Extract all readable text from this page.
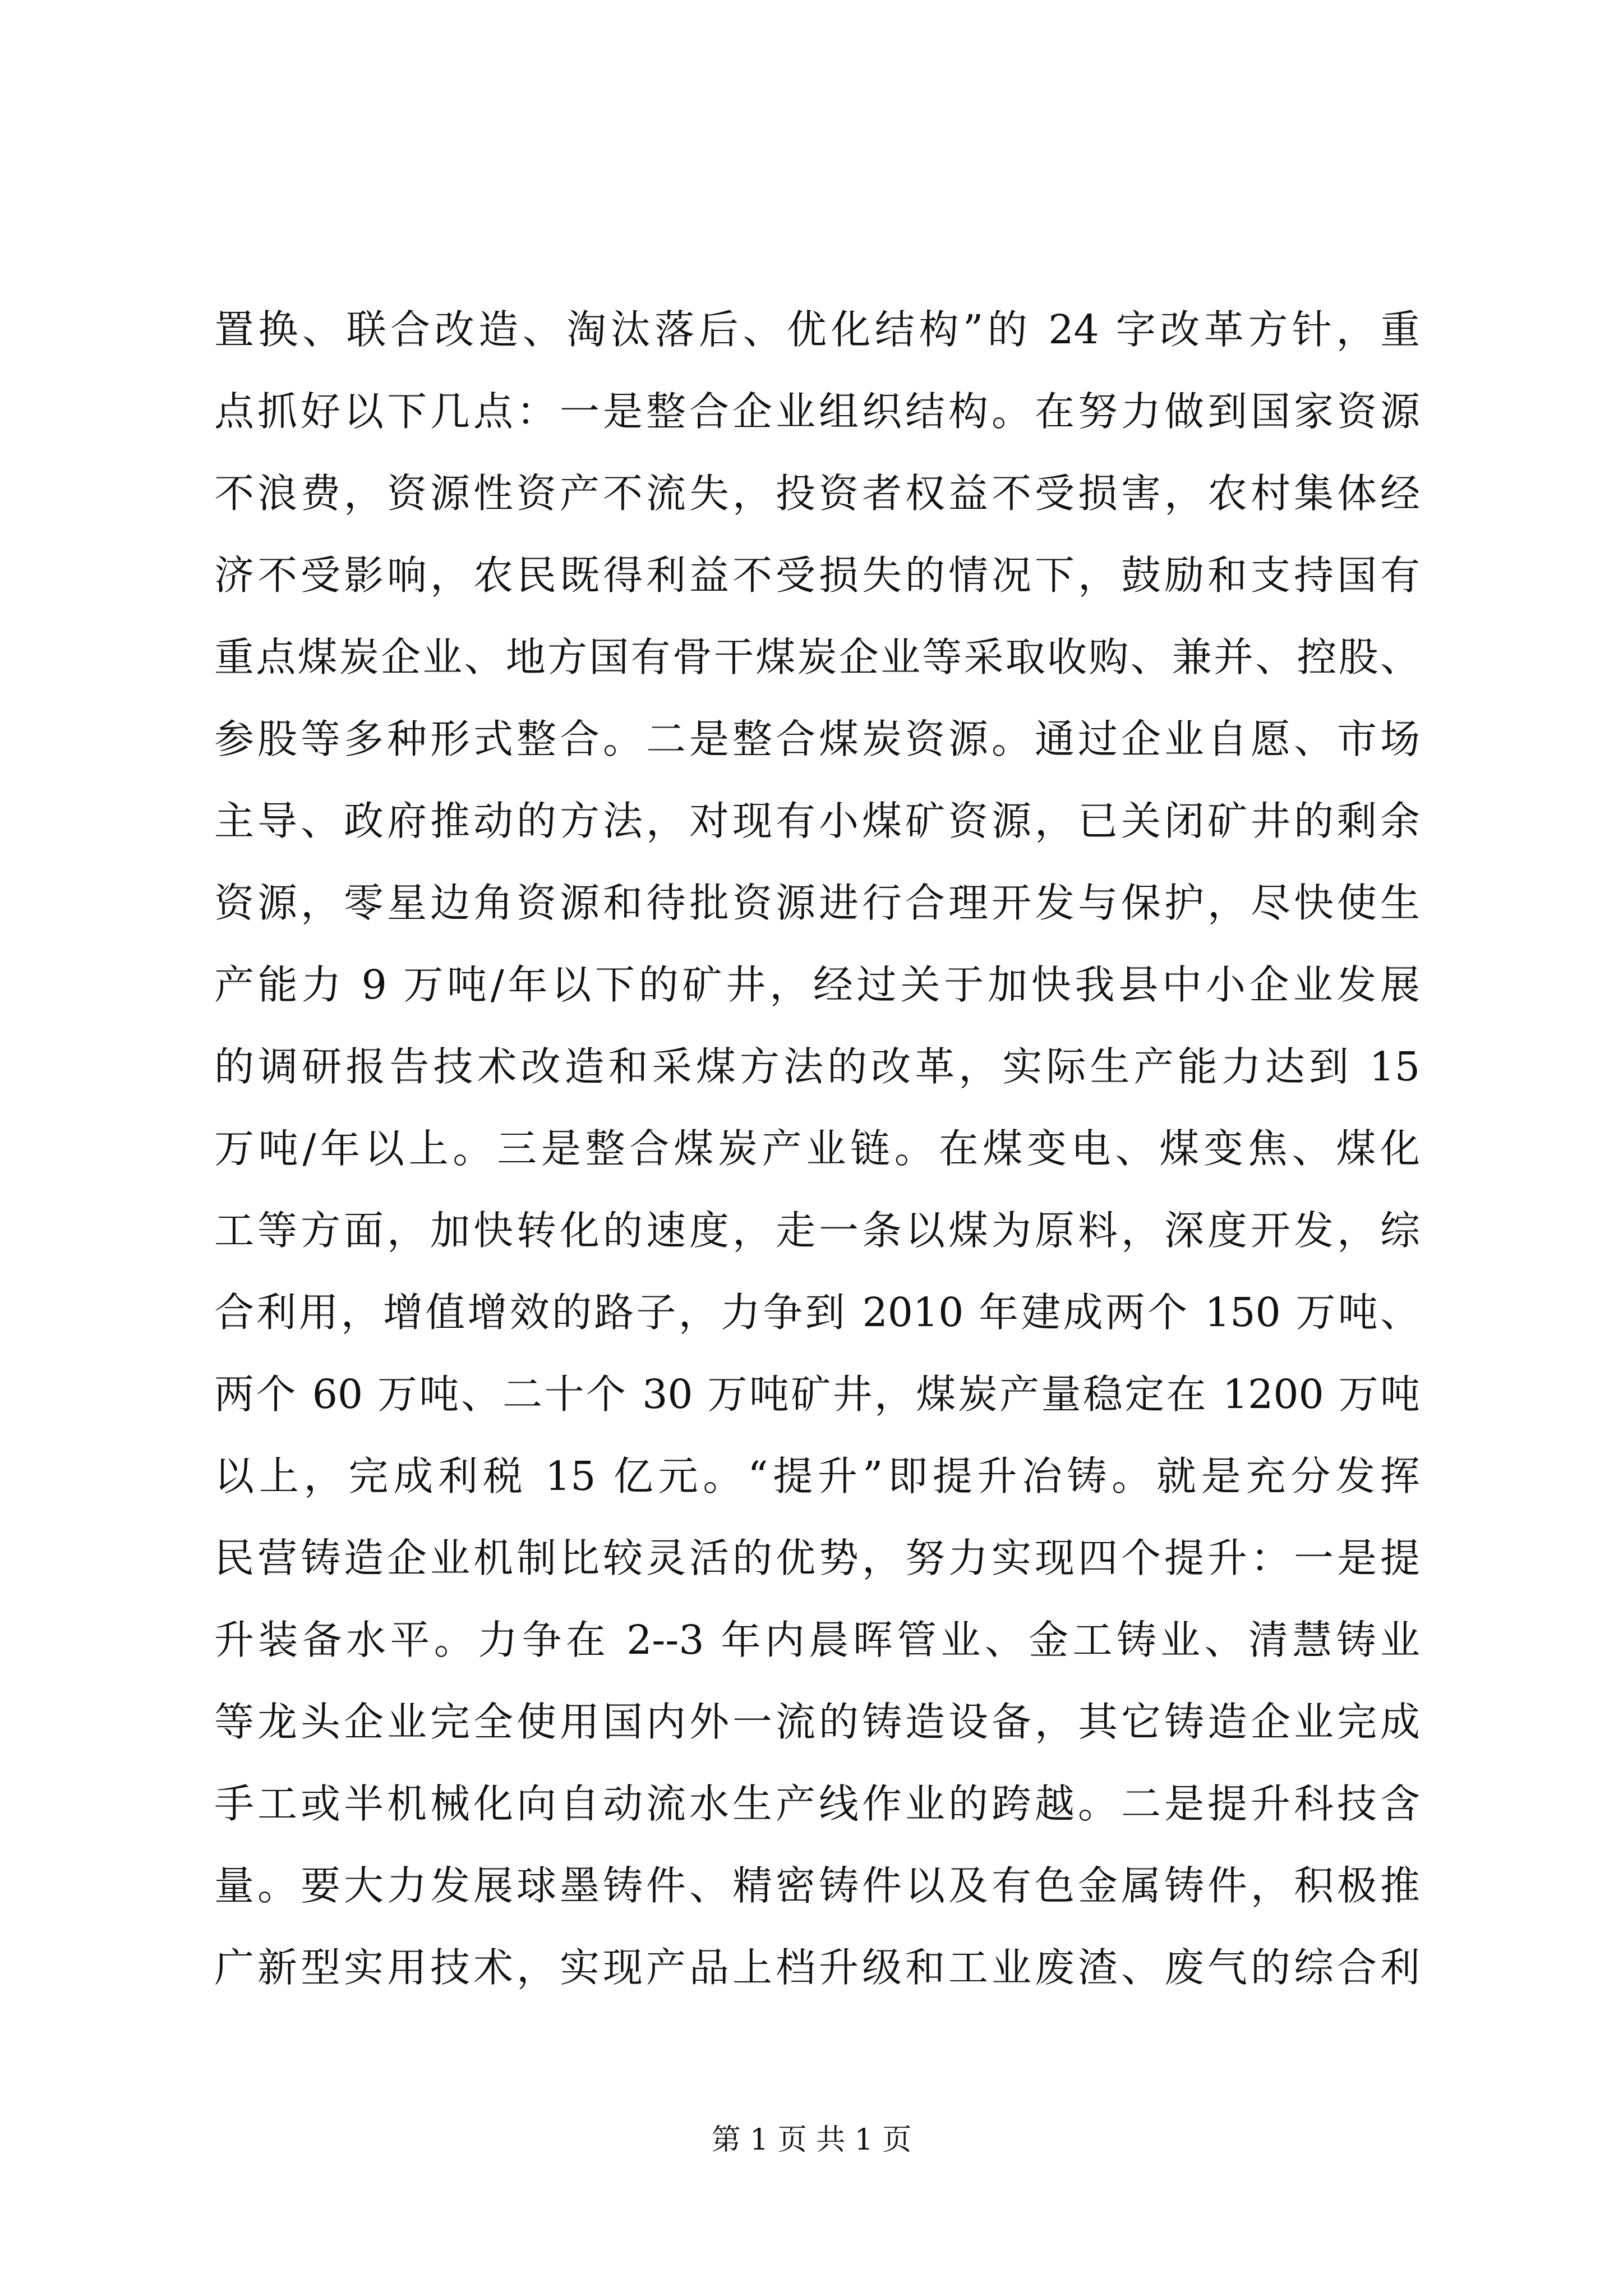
置换、联合改造、淘汰落后、优化结构”的 24 字改革方针，重
点抓好以下几点：一是整合企业组织结构。在努力做到国家资源
不浪费，资源性资产不流失，投资者权益不受损害，农村集体经
济不受影响，农民既得利益不受损失的情况下，鼓励和支持国有
重点煤炭企业、地方国有骨干煤炭企业等采取收购、兼并、控股、
参股等多种形式整合。二是整合煤炭资源。通过企业自愿、市场
主导、政府推动的方法，对现有小煤矿资源，已关闭矿井的剩余
资源，零星边角资源和待批资源进行合理开发与保护，尽快使生
产能力 9 万吨/年以下的矿井，经过关于加快我县中小企业发展
的调研报告技术改造和采煤方法的改革，实际生产能力达到 15
万吨/年以上。三是整合煤炭产业链。在煤变电、煤变焦、煤化
工等方面，加快转化的速度，走一条以煤为原料，深度开发，综
合利用，增值增效的路子，力争到 2010 年建成两个 150 万吨、
两个 60 万吨、二十个 30 万吨矿井，煤炭产量稳定在 1200 万吨
以上，完成利税 15 亿元。“提升”即提升冶铸。就是充分发挥
民营铸造企业机制比较灵活的优势，努力实现四个提升：一是提
升装备水平。力争在 2--3 年内晨晖管业、金工铸业、清慧铸业
等龙头企业完全使用国内外一流的铸造设备，其它铸造企业完成
手工或半机械化向自动流水生产线作业的跨越。二是提升科技含
量。要大力发展球墨铸件、精密铸件以及有色金属铸件，积极推
广新型实用技术，实现产品上档升级和工业废渣、废气的综合利
第 1 页 共 1 页
